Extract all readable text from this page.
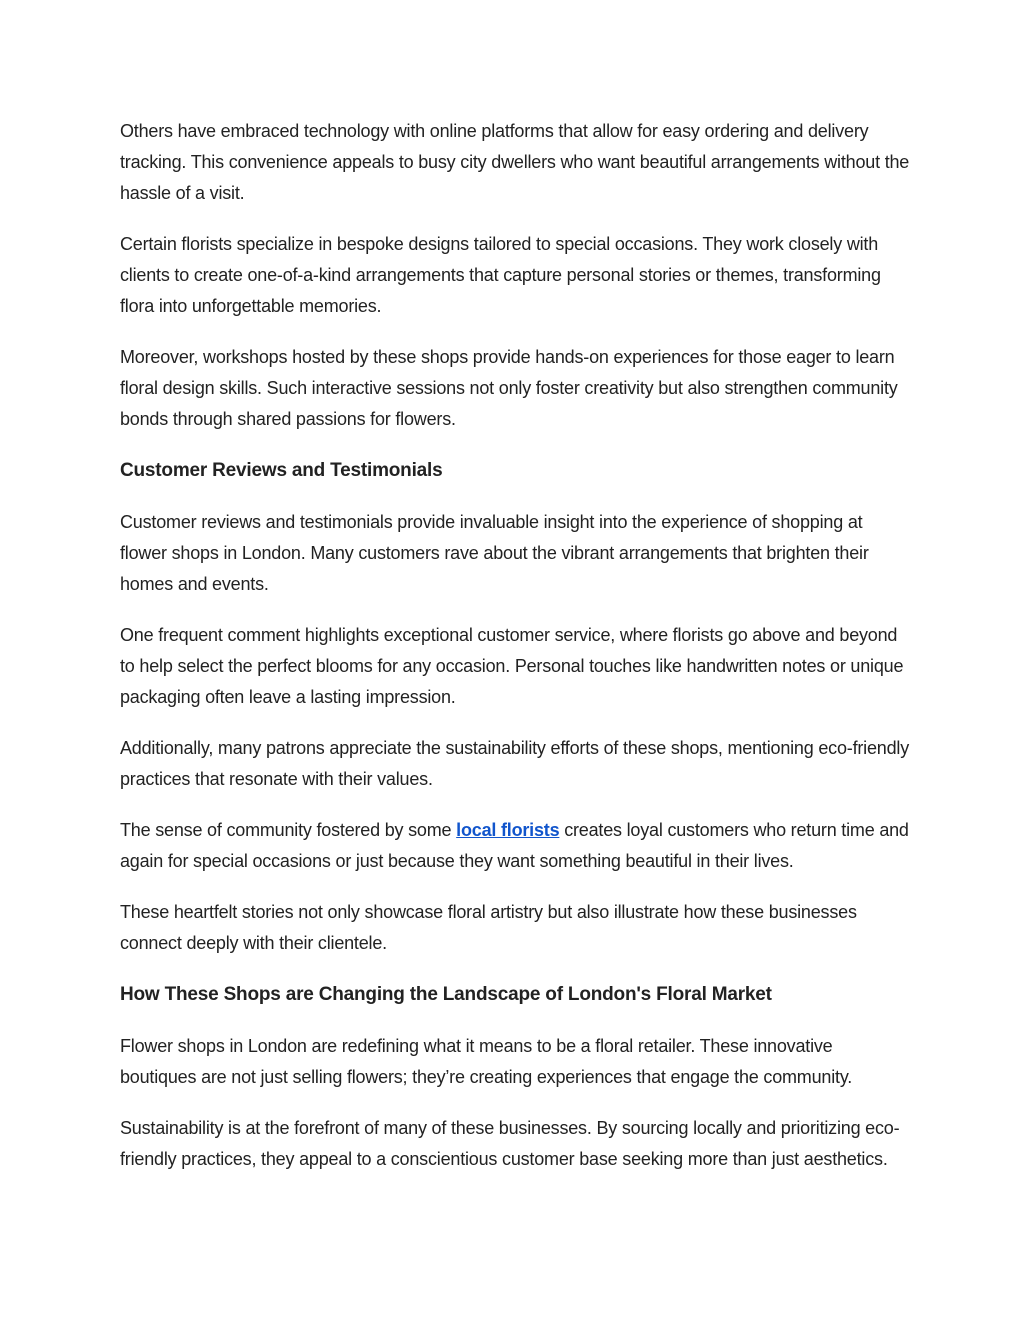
Others have embraced technology with online platforms that allow for easy ordering and delivery tracking. This convenience appeals to busy city dwellers who want beautiful arrangements without the hassle of a visit.

Certain florists specialize in bespoke designs tailored to special occasions. They work closely with clients to create one-of-a-kind arrangements that capture personal stories or themes, transforming flora into unforgettable memories.

Moreover, workshops hosted by these shops provide hands-on experiences for those eager to learn floral design skills. Such interactive sessions not only foster creativity but also strengthen community bonds through shared passions for flowers.

Customer Reviews and Testimonials

Customer reviews and testimonials provide invaluable insight into the experience of shopping at flower shops in London. Many customers rave about the vibrant arrangements that brighten their homes and events.

One frequent comment highlights exceptional customer service, where florists go above and beyond to help select the perfect blooms for any occasion. Personal touches like handwritten notes or unique packaging often leave a lasting impression.

Additionally, many patrons appreciate the sustainability efforts of these shops, mentioning eco-friendly practices that resonate with their values.

The sense of community fostered by some local florists creates loyal customers who return time and again for special occasions or just because they want something beautiful in their lives.

These heartfelt stories not only showcase floral artistry but also illustrate how these businesses connect deeply with their clientele.

How These Shops are Changing the Landscape of London's Floral Market

Flower shops in London are redefining what it means to be a floral retailer. These innovative boutiques are not just selling flowers; they’re creating experiences that engage the community.

Sustainability is at the forefront of many of these businesses. By sourcing locally and prioritizing eco-friendly practices, they appeal to a conscientious customer base seeking more than just aesthetics.
